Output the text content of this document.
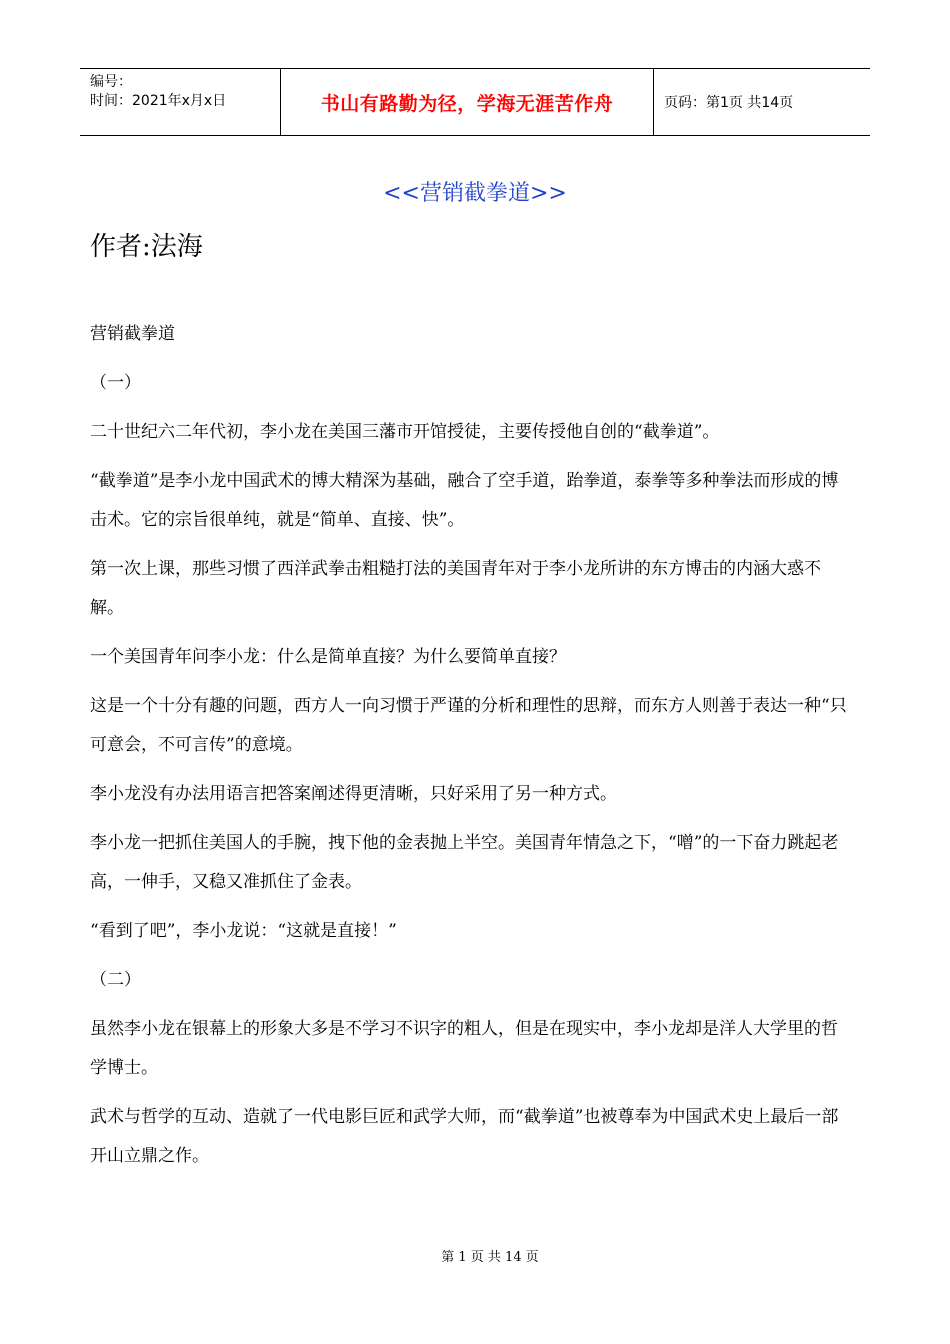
编号：
时间：2021年x月x日	书山有路勤为径，学海无涯苦作舟	页码：第1页 共14页
<<营销截拳道>>
作者:法海

营销截拳道

（一）

二十世纪六二年代初，李小龙在美国三藩市开馆授徒，主要传授他自创的“截拳道”。

“截拳道”是李小龙中国武术的博大精深为基础，融合了空手道，跆拳道，泰拳等多种拳法而形成的博击术。它的宗旨很单纯，就是“简单、直接、快”。

第一次上课，那些习惯了西洋武拳击粗糙打法的美国青年对于李小龙所讲的东方博击的内涵大惑不解。

一个美国青年问李小龙：什么是简单直接？为什么要简单直接？

这是一个十分有趣的问题，西方人一向习惯于严谨的分析和理性的思辩，而东方人则善于表达一种“只可意会，不可言传”的意境。

李小龙没有办法用语言把答案阐述得更清晰，只好采用了另一种方式。

李小龙一把抓住美国人的手腕，拽下他的金表抛上半空。美国青年情急之下，“噌”的一下奋力跳起老高，一伸手，又稳又准抓住了金表。

“看到了吧”，李小龙说：“这就是直接！”

（二）

虽然李小龙在银幕上的形象大多是不学习不识字的粗人，但是在现实中，李小龙却是洋人大学里的哲学博士。

武术与哲学的互动、造就了一代电影巨匠和武学大师，而“截拳道”也被尊奉为中国武术史上最后一部开山立鼎之作。

第 1 页 共 14 页
